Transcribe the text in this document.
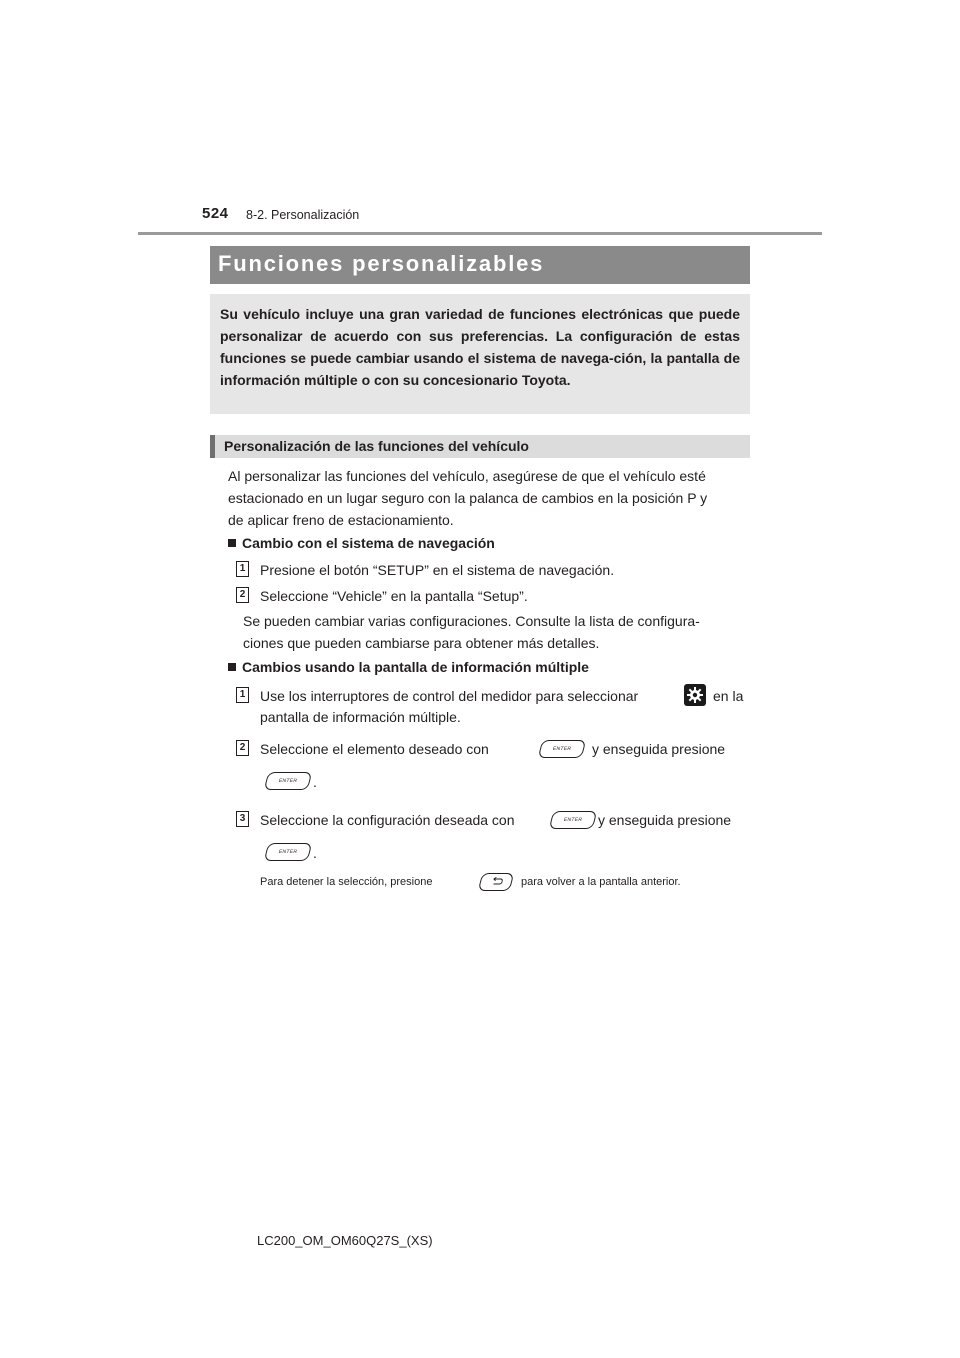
524 8-2. Personalización
Funciones personalizables

Su vehículo incluye una gran variedad de funciones electrónicas que puede personalizar de acuerdo con sus preferencias. La configuración de estas funciones se puede cambiar usando el sistema de navega-ción, la pantalla de información múltiple o con su concesionario Toyota.

Personalización de las funciones del vehículo
Al personalizar las funciones del vehículo, asegúrese de que el vehículo esté
estacionado en un lugar seguro con la palanca de cambios en la posición P y
de aplicar freno de estacionamiento.
Cambio con el sistema de navegación
1 Presione el botón “SETUP” en el sistema de navegación.
2 Seleccione “Vehicle” en la pantalla “Setup”.
Se pueden cambiar varias configuraciones. Consulte la lista de configura-
ciones que pueden cambiarse para obtener más detalles.
Cambios usando la pantalla de información múltiple
1 Use los interruptores de control del medidor para seleccionar	en la
pantalla de información múltiple.
2 Seleccione el elemento deseado con	ENTER	y enseguida presione
ENTER	.
3 Seleccione la configuración deseada con	ENTER	y enseguida presione
ENTER	.
Para detener la selección, presione	para volver a la pantalla anterior.
LC200_OM_OM60Q27S_(XS)
